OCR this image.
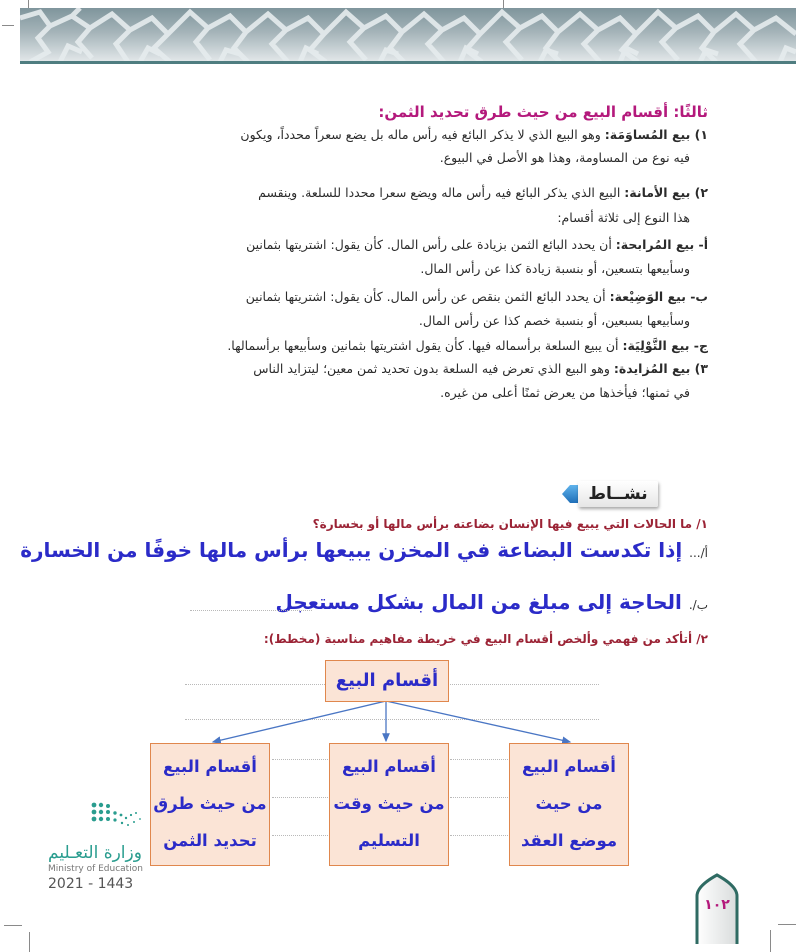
ثالثًا: أقسام البيع من حيث طرق تحديد الثمن:
١) بيع المُساوَمَة: وهو البيع الذي لا يذكر البائع فيه رأس ماله بل يضع سعراً محدداً، ويكون
فيه نوع من المساومة، وهذا هو الأصل في البيوع.
٢) بيع الأمانة: البيع الذي يذكر البائع فيه رأس ماله ويضع سعرا محددا للسلعة. وينقسم
هذا النوع إلى ثلاثة أقسام:
أ- بيع المُرابحة: أن يحدد البائع الثمن بزيادة على رأس المال. كأن يقول: اشتريتها بثمانين
وسأبيعها بتسعين، أو بنسبة زيادة كذا عن رأس المال.
ب- بيع الوَضِيْعة: أن يحدد البائع الثمن بنقص عن رأس المال. كأن يقول: اشتريتها بثمانين
وسأبيعها بسبعين، أو بنسبة خصم كذا عن رأس المال.
ج- بيع التَّوْلِيَة: أن يبيع السلعة برأسماله فيها. كأن يقول اشتريتها بثمانين وسأبيعها برأسمالها.
٣) بيع المُزايدة: وهو البيع الذي تعرض فيه السلعة بدون تحديد ثمن معين؛ ليتزايد الناس
في ثمنها؛ فيأخذها من يعرض ثمنًا أعلى من غيره.
نشــاط
١/ ما الحالات التي يبيع فيها الإنسان بضاعته برأس مالها أو بخسارة؟
أ/... إذا تكدست البضاعة في المخزن يبيعها برأس مالها خوفًا من الخسارة
ب/. الحاجة إلى مبلغ من المال بشكل مستعجل
٢/ أتأكد من فهمي وألخص أقسام البيع في خريطة مفاهيم مناسبة (مخطط):
أقسام البيع
أقسام البيع من حيث موضع العقد
أقسام البيع من حيث وقت التسليم
أقسام البيع من حيث طرق تحديد الثمن
وزارة التعـليم
Ministry of Education
2021 - 1443
١٠٢
